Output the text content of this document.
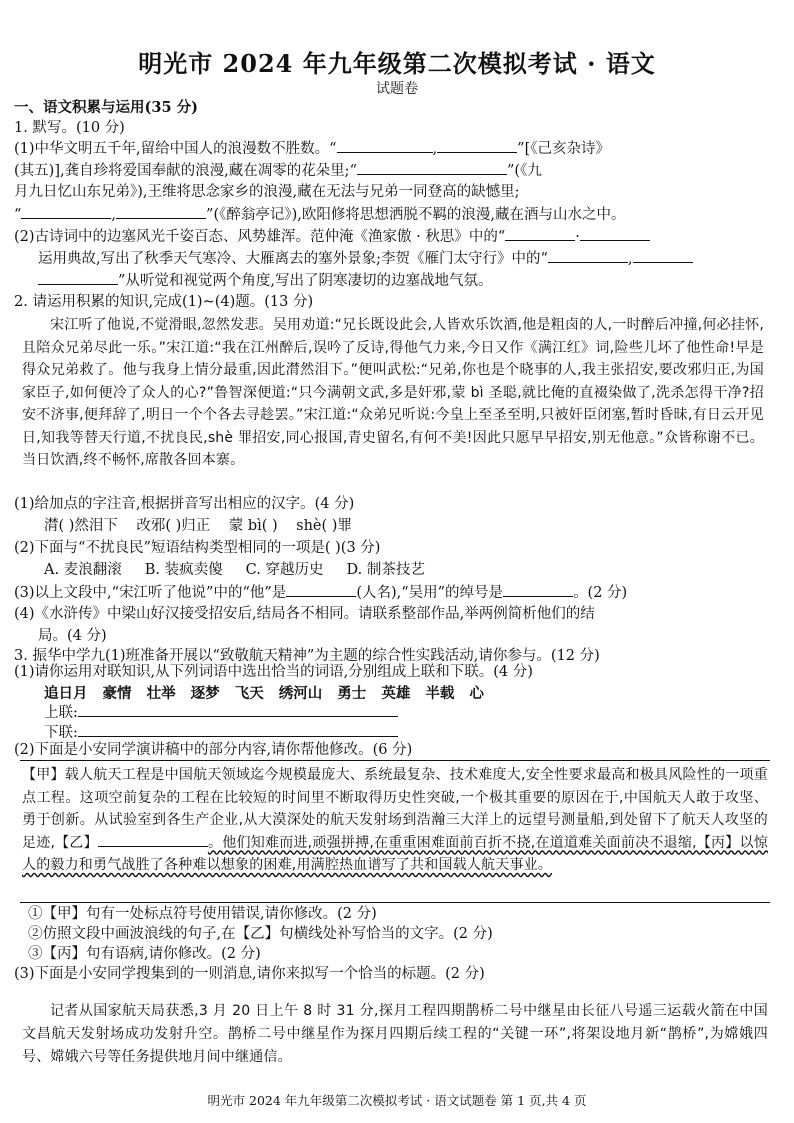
明光市 2024 年九年级第二次模拟考试 · 语文
试题卷
一、语文积累与运用(35 分)
1. 默写。(10 分)
(1)中华文明五千年,留给中国人的浪漫数不胜数。“	,	”[《己亥杂诗》
(其五)],龚自珍将爱国奉献的浪漫,藏在凋零的花朵里;“	”(《九
月九日忆山东兄弟》),王维将思念家乡的浪漫,藏在无法与兄弟一同登高的缺憾里;
“	,	”(《醉翁亭记》),欧阳修将思想洒脱不羁的浪漫,藏在酒与山水之中。
(2)古诗词中的边塞风光千姿百态、风势雄浑。范仲淹《渔家傲 · 秋思》中的“	·
运用典故,写出了秋季天气寒冷、大雁离去的塞外景象;李贺《雁门太守行》中的“	,
”从听觉和视觉两个角度,写出了阴寒凄切的边塞战地气氛。
2. 请运用积累的知识,完成(1)~(4)题。(13 分)

宋江听了他说,不觉滑眼,忽然发悲。吴用劝道:“兄长既设此会,人皆欢乐饮酒,他是粗卤的人,一时醉后冲撞,何必挂怀,且陪众兄弟尽此一乐。”宋江道:“我在江州醉后,误吟了反诗,得他气力来,今日又作《满江红》词,险些儿坏了他性命!早是得众兄弟救了。他与我身上情分最重,因此潸然泪下。”便叫武松:“兄弟,你也是个晓事的人,我主张招安,要改邪归正,为国家臣子,如何便冷了众人的心?”鲁智深便道:“只今满朝文武,多是奸邪,蒙 bì 圣聪,就比俺的直裰染做了,洗杀怎得干净?招安不济事,便拜辞了,明日一个个各去寻趁罢。”宋江道:“众弟兄听说:今皇上至圣至明,只被奸臣闭塞,暂时昏昧,有日云开见日,知我等替天行道,不扰良民,shè 罪招安,同心报国,青史留名,有何不美!因此只愿早早招安,别无他意。”众皆称谢不已。当日饮酒,终不畅怀,席散各回本寨。

(1)给加点的字注音,根据拼音写出相应的汉字。(4 分)
潸( )然泪下 改邪( )归正 蒙 bì( ) shè( )罪
(2)下面与“不扰良民”短语结构类型相同的一项是( )(3 分)
A. 麦浪翻滚 B. 装疯卖傻 C. 穿越历史 D. 制茶技艺
(3)以上文段中,“宋江听了他说”中的“他”是	(人名),“吴用”的绰号是	。(2 分)
(4)《水浒传》中梁山好汉接受招安后,结局各不相同。请联系整部作品,举两例简析他们的结
局。(4 分)
3. 振华中学九(1)班准备开展以“致敬航天精神”为主题的综合性实践活动,请你参与。(12 分)
(1)请你运用对联知识,从下列词语中选出恰当的词语,分别组成上联和下联。(4 分)
追日月 豪情 壮举 逐梦 飞天 绣河山 勇士 英雄 半载 心
上联:
下联:
(2)下面是小安同学演讲稿中的部分内容,请你帮他修改。(6 分)

【甲】载人航天工程是中国航天领域迄今规模最庞大、系统最复杂、技术难度大,安全性要求最高和极具风险性的一项重点工程。这项空前复杂的工程在比较短的时间里不断取得历史性突破,一个极其重要的原因在于,中国航天人敢于攻坚、勇于创新。从试验室到各生产企业,从大漠深处的航天发射场到浩瀚三大洋上的远望号测量船,到处留下了航天人攻坚的足迹,【乙】	。他们知难而进,顽强拼搏,在重重困难面前百折不挠,在道道难关面前决不退缩,【丙】以惊人的毅力和勇气战胜了各种难以想象的困难,用满腔热血谱写了共和国载人航天事业。

①【甲】句有一处标点符号使用错误,请你修改。(2 分)
②仿照文段中画波浪线的句子,在【乙】句横线处补写恰当的文字。(2 分)
③【丙】句有语病,请你修改。(2 分)
(3)下面是小安同学搜集到的一则消息,请你来拟写一个恰当的标题。(2 分)

记者从国家航天局获悉,3 月 20 日上午 8 时 31 分,探月工程四期鹊桥二号中继星由长征八号遥三运载火箭在中国文昌航天发射场成功发射升空。鹊桥二号中继星作为探月四期后续工程的“关键一环”,将架设地月新“鹊桥”,为嫦娥四号、嫦娥六号等任务提供地月间中继通信。

明光市 2024 年九年级第二次模拟考试 · 语文试题卷 第 1 页,共 4 页
